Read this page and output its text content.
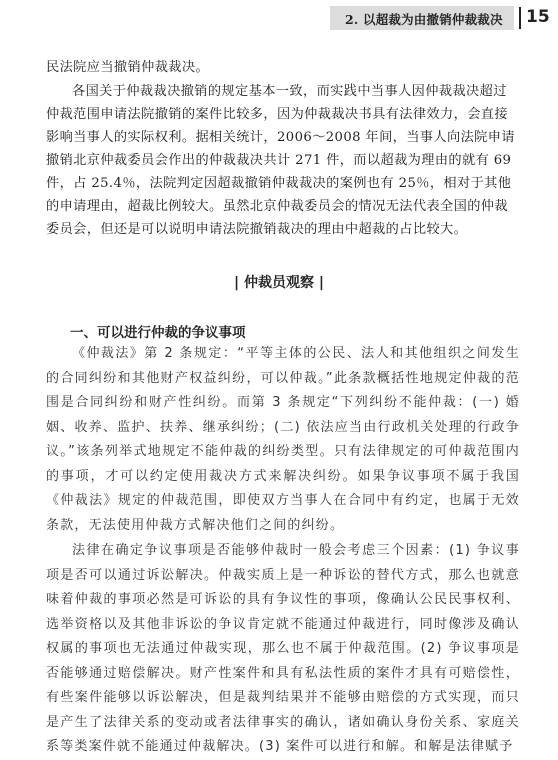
2. 以超裁为由撤销仲裁裁决 15

民法院应当撤销仲裁裁决。

各国关于仲裁裁决撤销的规定基本一致，而实践中当事人因仲裁裁决超过仲裁范围申请法院撤销的案件比较多，因为仲裁裁决书具有法律效力，会直接影响当事人的实际权利。据相关统计，2006～2008 年间，当事人向法院申请撤销北京仲裁委员会作出的仲裁裁决共计 271 件，而以超裁为理由的就有 69 件，占 25.4％，法院判定因超裁撤销仲裁裁决的案例也有 25％，相对于其他的申请理由，超裁比例较大。虽然北京仲裁委员会的情况无法代表全国的仲裁委员会，但还是可以说明申请法院撤销裁决的理由中超裁的占比较大。

| 仲裁员观察 |
一、可以进行仲裁的争议事项

《仲裁法》第 2 条规定：“平等主体的公民、法人和其他组织之间发生的合同纠纷和其他财产权益纠纷，可以仲裁。”此条款概括性地规定仲裁的范围是合同纠纷和财产性纠纷。而第 3 条规定“下列纠纷不能仲裁：(一) 婚姻、收养、监护、扶养、继承纠纷；(二) 依法应当由行政机关处理的行政争议。”该条列举式地规定不能仲裁的纠纷类型。只有法律规定的可仲裁范围内的事项，才可以约定使用裁决方式来解决纠纷。如果争议事项不属于我国《仲裁法》规定的仲裁范围，即使双方当事人在合同中有约定，也属于无效条款，无法使用仲裁方式解决他们之间的纠纷。

法律在确定争议事项是否能够仲裁时一般会考虑三个因素：(1) 争议事项是否可以通过诉讼解决。仲裁实质上是一种诉讼的替代方式，那么也就意味着仲裁的事项必然是可诉讼的具有争议性的事项，像确认公民民事权利、选举资格以及其他非诉讼的争议肯定就不能通过仲裁进行，同时像涉及确认权属的事项也无法通过仲裁实现，那么也不属于仲裁范围。(2) 争议事项是否能够通过赔偿解决。财产性案件和具有私法性质的案件才具有可赔偿性，有些案件能够以诉讼解决，但是裁判结果并不能够由赔偿的方式实现，而只是产生了法律关系的变动或者法律事实的确认，诸如确认身份关系、家庭关系等类案件就不能通过仲裁解决。(3) 案件可以进行和解。和解是法律赋予
